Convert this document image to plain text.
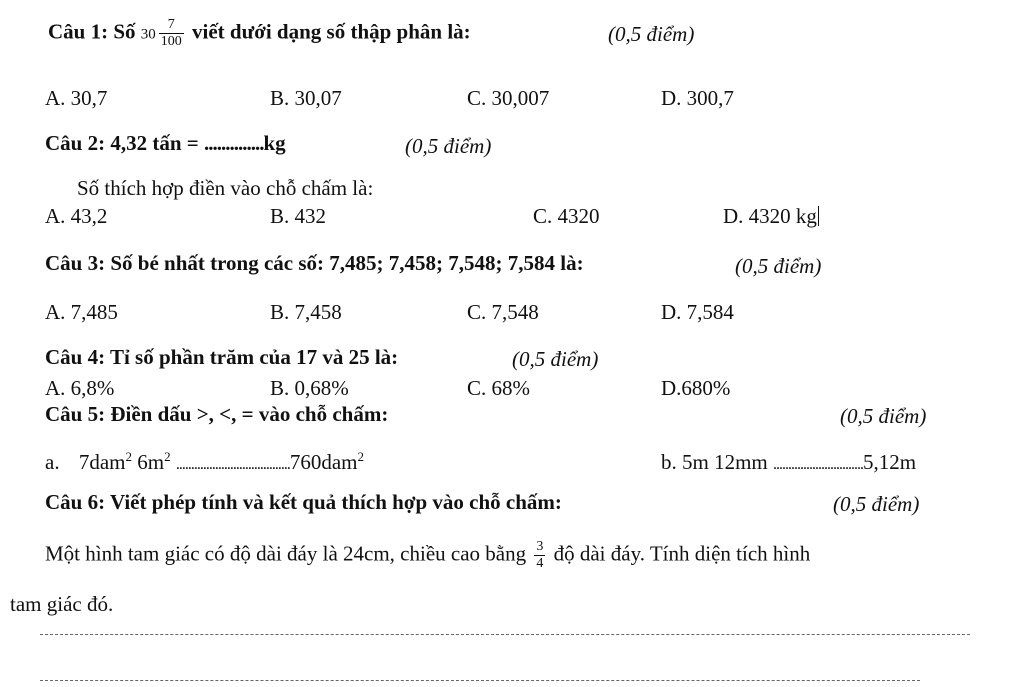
Câu 1: Số $30 \frac{7}{100}$ viết dưới dạng số thập phân là:	(0,5 điểm)
A. 30,7	B. 30,07	C. 30,007	D. 300,7
Câu 2: 4,32 tấn = ..............kg	(0,5 điểm)
Số thích hợp điền vào chỗ chấm là:
A. 43,2	B. 432	C. 4320	D. 4320 kg
Câu 3: Số bé nhất trong các số: 7,485; 7,458; 7,548; 7,584 là:	(0,5 điểm)
A. 7,485	B. 7,458	C. 7,548	D. 7,584
Câu 4: Tỉ số phần trăm của 17 và 25 là:	(0,5 điểm)
A. 6,8%	B. 0,68%	C. 68%	D.680%
Câu 5: Điền dấu >, <, = vào chỗ chấm:	(0,5 điểm)
a. 7dam$^2$ $6m^2$ ......................................760dam$^2$	b. 5m 12mm ..............................5,12m
Câu 6: Viết phép tính và kết quả thích hợp vào chỗ chấm:	(0,5 điểm)
Một hình tam giác có độ dài đáy là 24cm, chiều cao bằng $\frac{3}{4}$ độ dài đáy. Tính diện tích hình
tam giác đó.
